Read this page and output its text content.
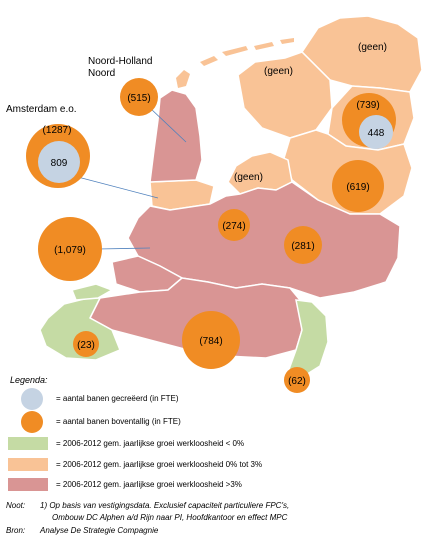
Noord-Holland
Noord
Amsterdam e.o.
(geen)
(geen)
(geen)
(515)
(1287)
809
(739)
448
(619)
(1,079)
(274)
(281)
(23)	(784)
(62)
Legenda:
= aantal banen gecreëerd (in FTE)
= aantal banen boventallig (in FTE)
= 2006-2012 gem. jaarlijkse groei werkloosheid < 0%
= 2006-2012 gem. jaarlijkse groei werkloosheid 0% tot 3%
= 2006-2012 gem. jaarlijkse groei werkloosheid >3%
Noot: 1) Op basis van vestigingsdata. Exclusief capaciteit particuliere FPC's,
Ombouw DC Alphen a/d Rijn naar PI, Hoofdkantoor en effect MPC
Bron: Analyse De Strategie Compagnie
